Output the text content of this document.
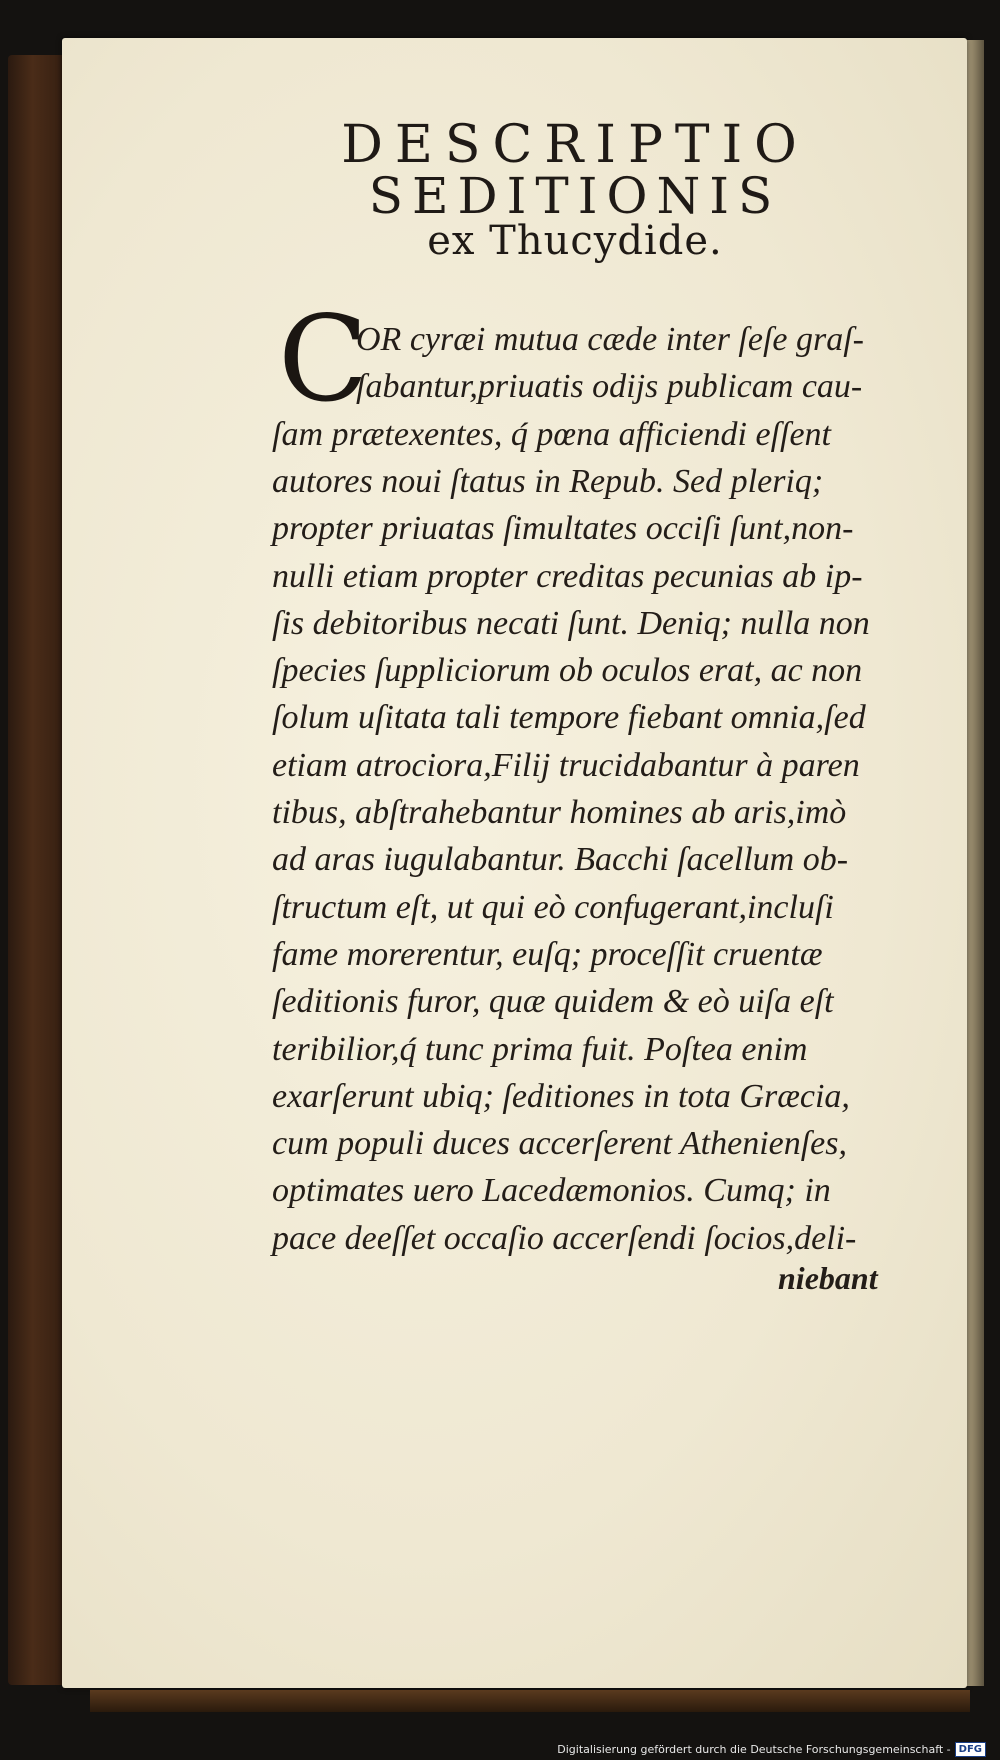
DESCRIPTIO
SEDITIONIS
ex Thucydide.
C
OR cyræi mutua cæde inter ſeſe graſ-
ſabantur,priuatis odijs publicam cau-
ſam prætexentes, q́ pœna afficiendi eſſent
autores noui ſtatus in Repub. Sed pleriq;
propter priuatas ſimultates occiſi ſunt,non-
nulli etiam propter creditas pecunias ab ip-
ſis debitoribus necati ſunt. Deniq; nulla non
ſpecies ſuppliciorum ob oculos erat, ac non
ſolum uſitata tali tempore fiebant omnia,ſed
etiam atrociora,Filij trucidabantur à paren
tibus, abſtrahebantur homines ab aris,imò
ad aras iugulabantur. Bacchi ſacellum ob-
ſtructum eſt, ut qui eò confugerant,incluſi
fame morerentur, euſq; proceſſit cruentæ
ſeditionis furor, quæ quidem & eò uiſa eſt
teribilior,q́ tunc prima fuit. Poſtea enim
exarſerunt ubiq; ſeditiones in tota Græcia,
cum populi duces accerſerent Athenienſes,
optimates uero Lacedæmonios. Cumq; in
pace deeſſet occaſio accerſendi ſocios,deli-
niebant
Digitalisierung gefördert durch die Deutsche Forschungsgemeinschaft - DFG
